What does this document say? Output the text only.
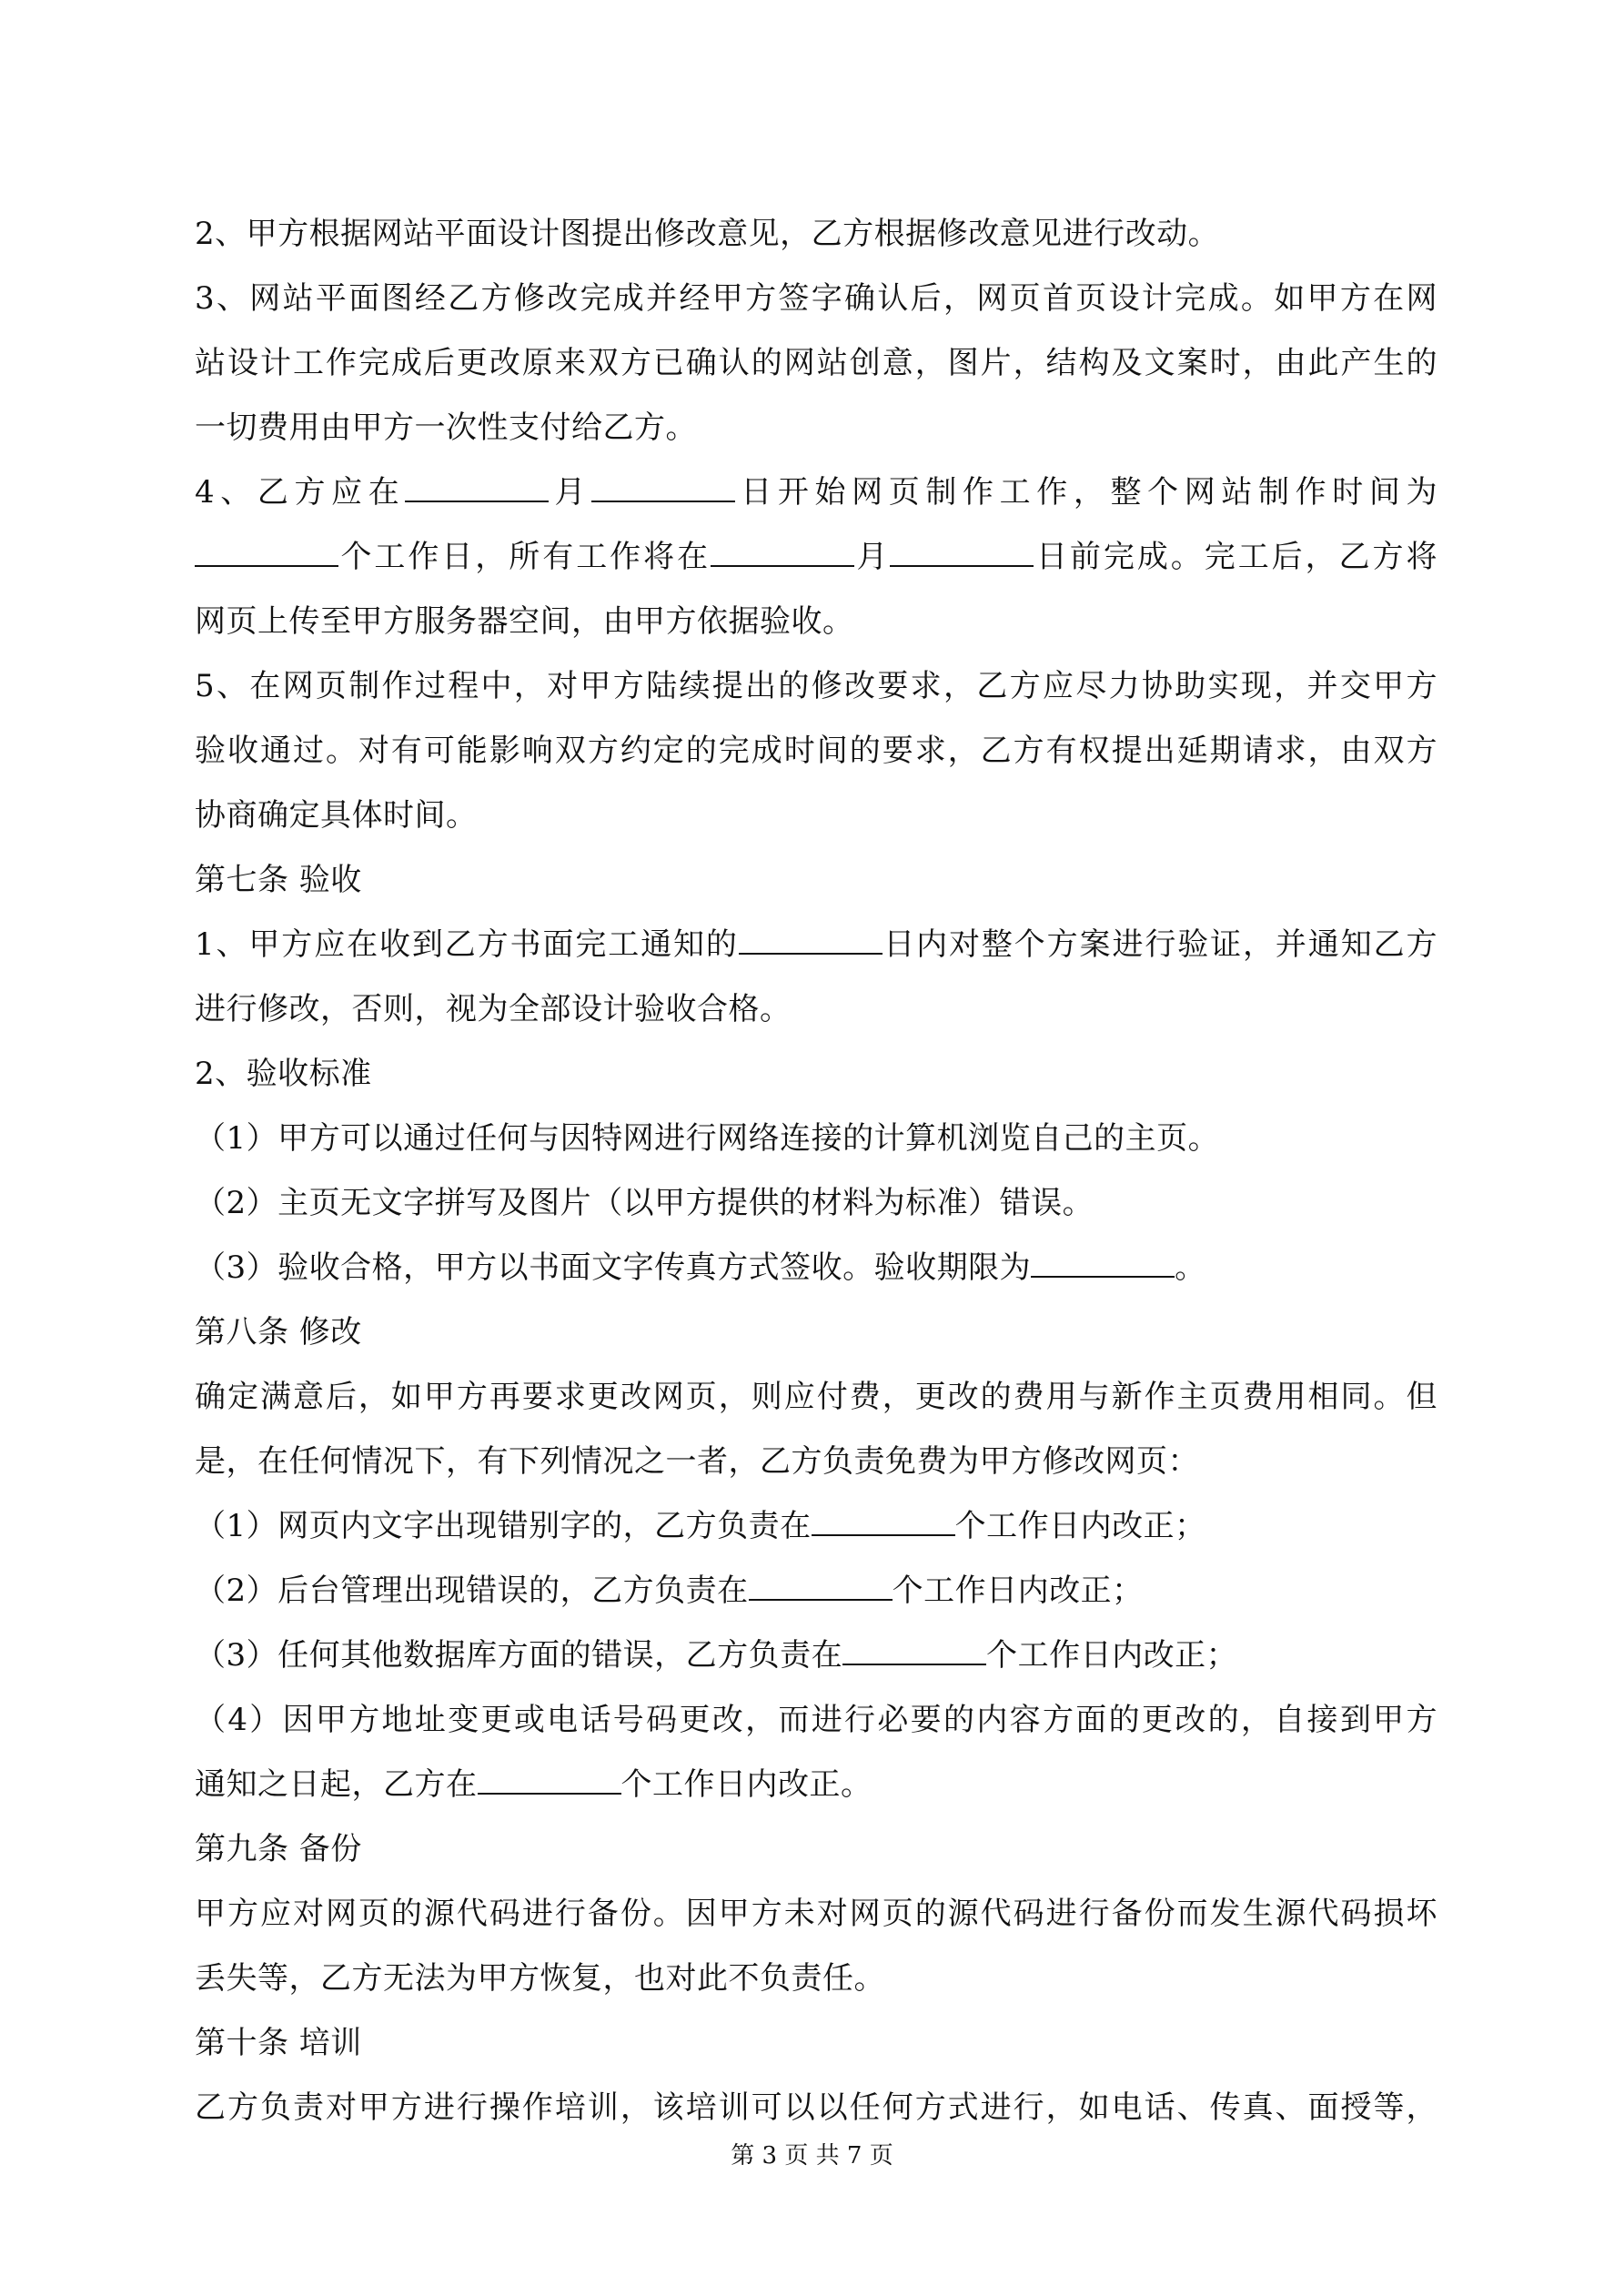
2、甲方根据网站平面设计图提出修改意见，乙方根据修改意见进行改动。
3、网站平面图经乙方修改完成并经甲方签字确认后，网页首页设计完成。如甲方在网
站设计工作完成后更改原来双方已确认的网站创意，图片，结构及文案时，由此产生的
一切费用由甲方一次性支付给乙方。
4、乙方应在	月	日开始网页制作工作，整个网站制作时间为
个工作日，所有工作将在	月	日前完成。完工后，乙方将
网页上传至甲方服务器空间，由甲方依据验收。
5、在网页制作过程中，对甲方陆续提出的修改要求，乙方应尽力协助实现，并交甲方
验收通过。对有可能影响双方约定的完成时间的要求，乙方有权提出延期请求，由双方
协商确定具体时间。
第七条 验收
1、甲方应在收到乙方书面完工通知的	日内对整个方案进行验证，并通知乙方
进行修改，否则，视为全部设计验收合格。
2、验收标准
（1）甲方可以通过任何与因特网进行网络连接的计算机浏览自己的主页。
（2）主页无文字拼写及图片（以甲方提供的材料为标准）错误。
（3）验收合格，甲方以书面文字传真方式签收。验收期限为	。
第八条 修改
确定满意后，如甲方再要求更改网页，则应付费，更改的费用与新作主页费用相同。但
是，在任何情况下，有下列情况之一者，乙方负责免费为甲方修改网页：
（1）网页内文字出现错别字的，乙方负责在	个工作日内改正；
（2）后台管理出现错误的，乙方负责在	个工作日内改正；
（3）任何其他数据库方面的错误，乙方负责在	个工作日内改正；
（4）因甲方地址变更或电话号码更改，而进行必要的内容方面的更改的，自接到甲方
通知之日起，乙方在	个工作日内改正。
第九条 备份
甲方应对网页的源代码进行备份。因甲方未对网页的源代码进行备份而发生源代码损坏
丢失等，乙方无法为甲方恢复，也对此不负责任。
第十条 培训
乙方负责对甲方进行操作培训，该培训可以以任何方式进行，如电话、传真、面授等，
第 3 页 共 7 页
